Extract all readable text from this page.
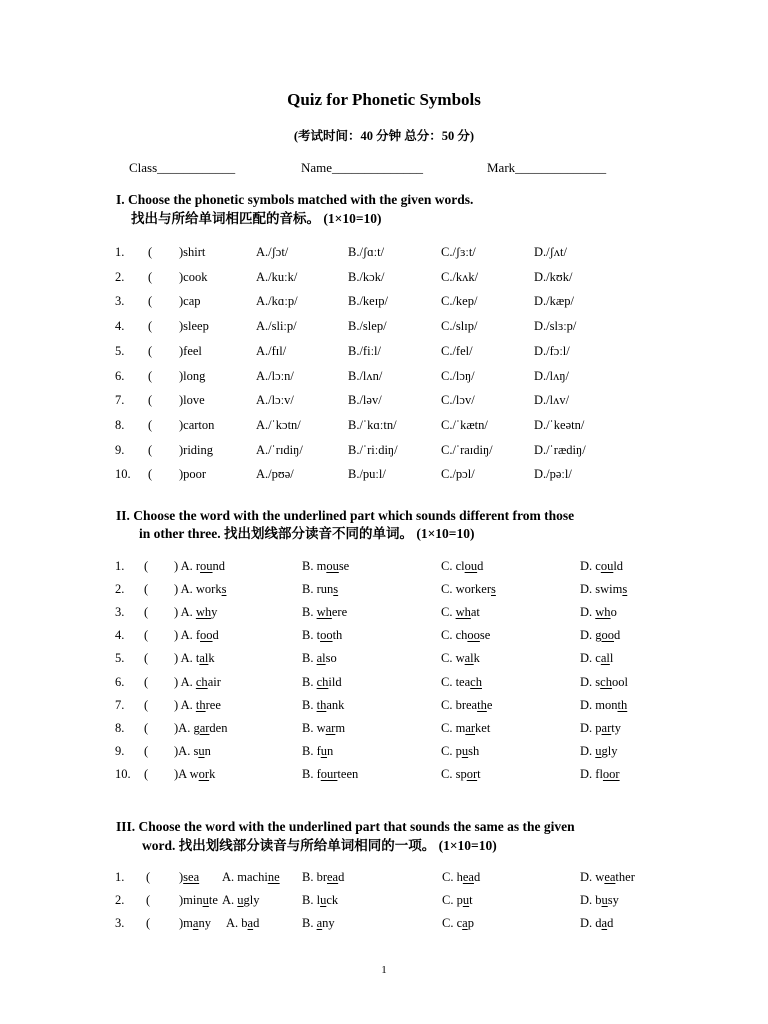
Quiz for Phonetic Symbols
(考试时间：40 分钟 总分：50 分)
Class____________	Name______________	Mark______________
I. Choose the phonetic symbols matched with the given words.
找出与所给单词相匹配的音标。 (1×10=10)
1. ( )shirt	A./ʃɔt/	B./ʃɑːt/	C./ʃɜːt/	D./ʃʌt/
2. ( )cook	A./kuːk/	B./kɔk/	C./kʌk/	D./kʊk/
3. ( )cap	A./kɑːp/	B./keɪp/	C./kep/	D./kæp/
4. ( )sleep	A./sliːp/	B./slep/	C./slɪp/	D./slɜːp/
5. ( )feel	A./fɪl/	B./fiːl/	C./fel/	D./fɔːl/
6. ( )long	A./lɔːn/	B./lʌn/	C./lɔŋ/	D./lʌŋ/
7. ( )love	A./lɔːv/	B./ləv/	C./lɔv/	D./lʌv/
8. ( )carton	A./ˈkɔtn/	B./ˈkɑːtn/	C./ˈkætn/	D./ˈkeətn/
9. ( )riding	A./ˈrɪdiŋ/	B./ˈriːdiŋ/	C./ˈraɪdiŋ/	D./ˈrædiŋ/
10. ( )poor	A./pʊə/	B./puːl/	C./pɔl/	D./pəːl/
II. Choose the word with the underlined part which sounds different from those
in other three. 找出划线部分读音不同的单词。 (1×10=10)
1. ( ) A. round	B. mouse	C. cloud	D. could
2. ( ) A. works	B. runs	C. workers	D. swims
3. ( ) A. why	B. where	C. what	D. who
4. ( ) A. food	B. tooth	C. choose	D. good
5. ( ) A. talk	B. also	C. walk	D. call
6. ( ) A. chair	B. child	C. teach	D. school
7. ( ) A. three	B. thank	C. breathe	D. month
8. ( )A. garden	B. warm	C. market	D. party
9. ( )A. sun	B. fun	C. push	D. ugly
10. ( )A work	B. fourteen	C. sport	D. floor
III. Choose the word with the underlined part that sounds the same as the given
word. 找出划线部分读音与所给单词相同的一项。 (1×10=10)
1. ( )sea A. machine B. bread	C. head	D. weather
2. ( )minute A. ugly	B. luck	C. put	D. busy
3. ( )many A. bad	B. any	C. cap	D. dad
1
